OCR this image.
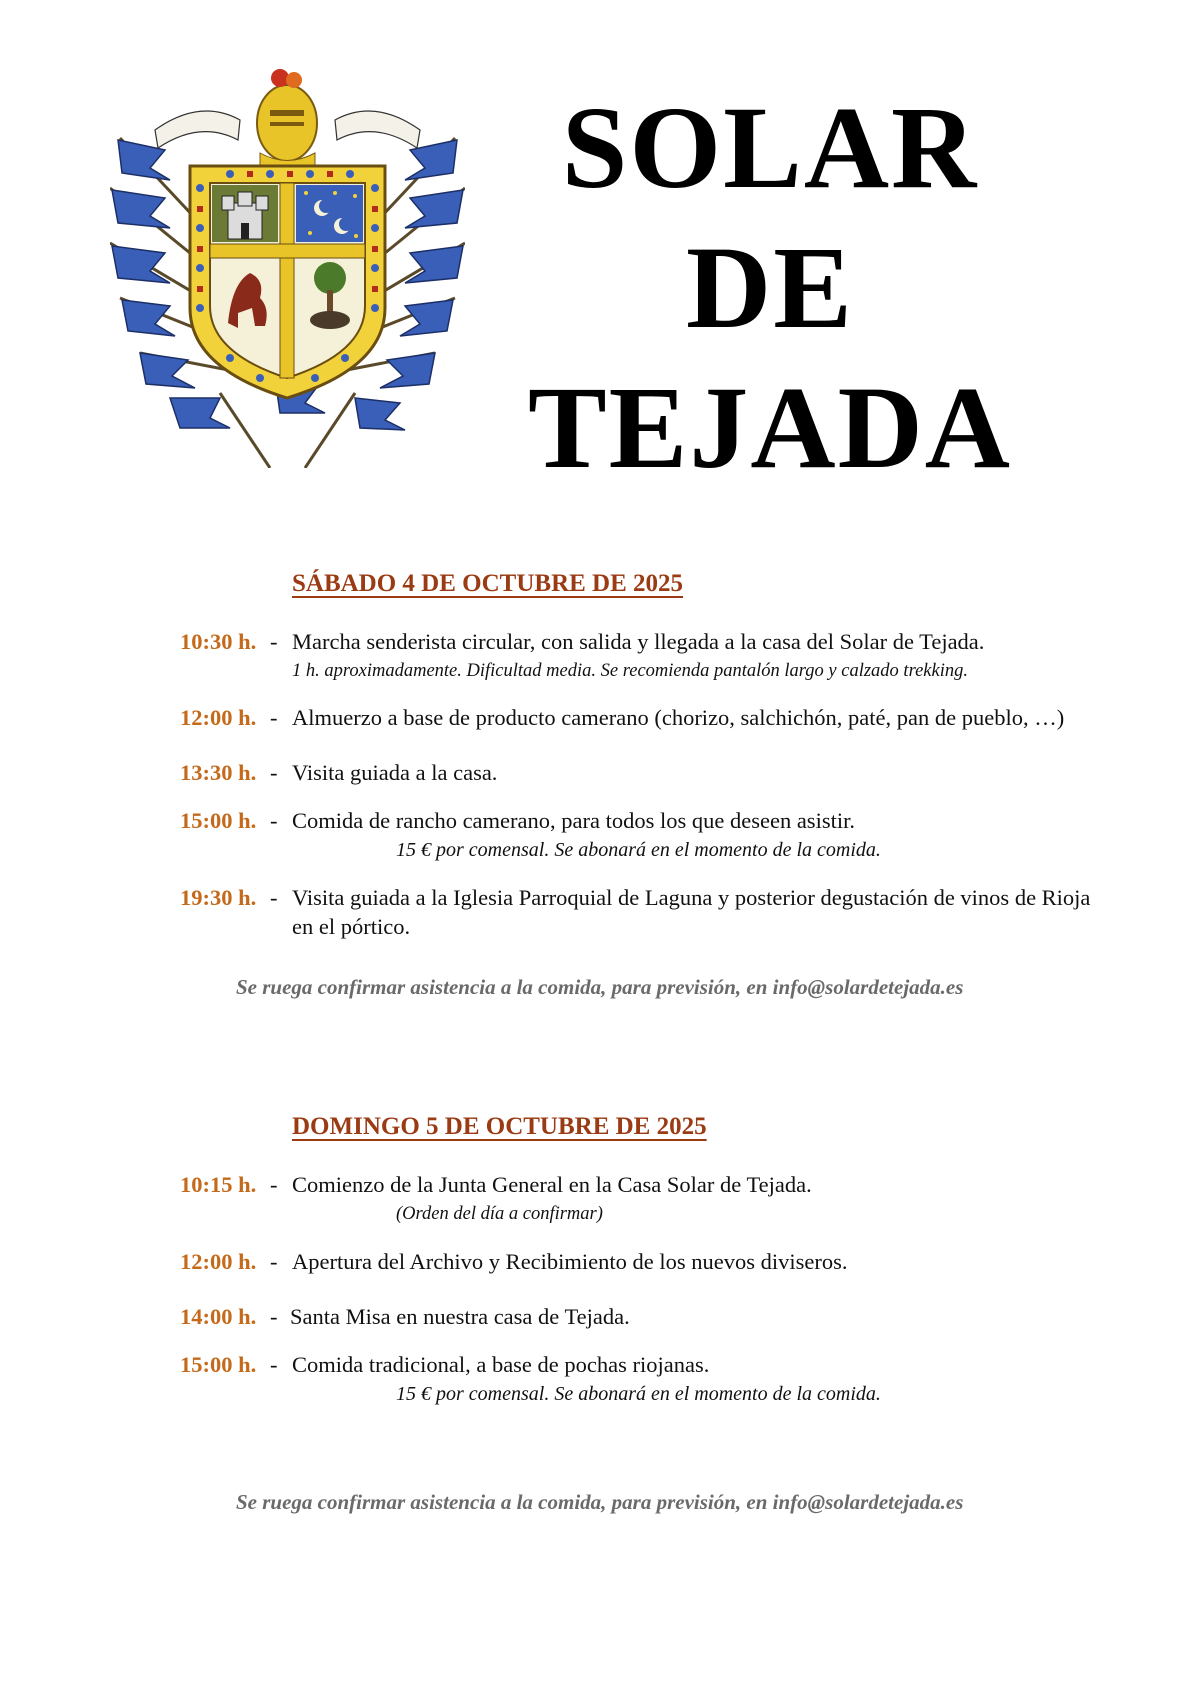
SOLAR
DE
TEJADA
SÁBADO 4 DE OCTUBRE DE 2025
10:30 h. - Marcha senderista circular, con salida y llegada a la casa del Solar de Tejada.
1 h. aproximadamente. Dificultad media. Se recomienda pantalón largo y calzado trekking.
12:00 h. - Almuerzo a base de producto camerano (chorizo, salchichón, paté, pan de pueblo, …)
13:30 h. - Visita guiada a la casa.
15:00 h. - Comida de rancho camerano, para todos los que deseen asistir.
15 € por comensal. Se abonará en el momento de la comida.
19:30 h. - Visita guiada a la Iglesia Parroquial de Laguna y posterior degustación de vinos de Rioja en el pórtico.
Se ruega confirmar asistencia a la comida, para previsión, en info@solardetejada.es
DOMINGO 5 DE OCTUBRE DE 2025
10:15 h. - Comienzo de la Junta General en la Casa Solar de Tejada.
(Orden del día a confirmar)
12:00 h. - Apertura del Archivo y Recibimiento de los nuevos diviseros.
14:00 h. - Santa Misa en nuestra casa de Tejada.
15:00 h. - Comida tradicional, a base de pochas riojanas.
15 € por comensal. Se abonará en el momento de la comida.
Se ruega confirmar asistencia a la comida, para previsión, en info@solardetejada.es
